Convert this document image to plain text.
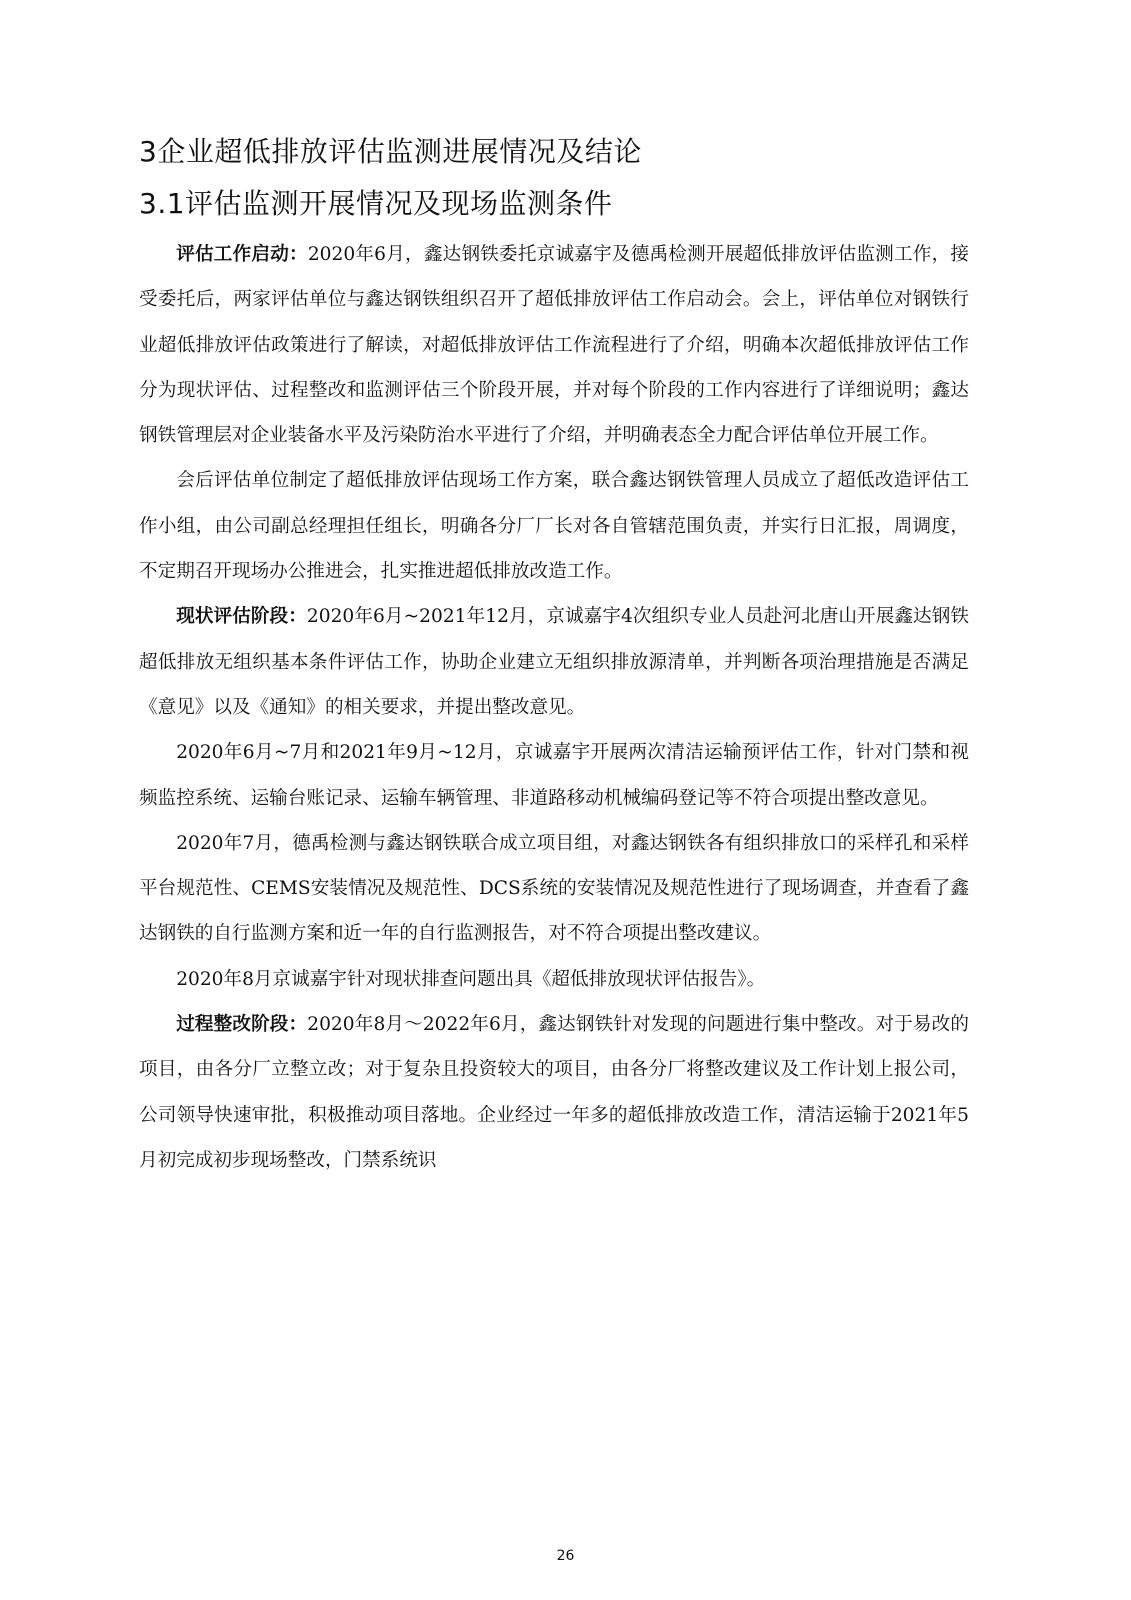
3企业超低排放评估监测进展情况及结论
3.1评估监测开展情况及现场监测条件

评估工作启动：2020年6月，鑫达钢铁委托京诚嘉宇及德禹检测开展超低排放评估监测工作，接受委托后，两家评估单位与鑫达钢铁组织召开了超低排放评估工作启动会。会上，评估单位对钢铁行业超低排放评估政策进行了解读，对超低排放评估工作流程进行了介绍，明确本次超低排放评估工作分为现状评估、过程整改和监测评估三个阶段开展，并对每个阶段的工作内容进行了详细说明；鑫达钢铁管理层对企业装备水平及污染防治水平进行了介绍，并明确表态全力配合评估单位开展工作。

会后评估单位制定了超低排放评估现场工作方案，联合鑫达钢铁管理人员成立了超低改造评估工作小组，由公司副总经理担任组长，明确各分厂厂长对各自管辖范围负责，并实行日汇报，周调度，不定期召开现场办公推进会，扎实推进超低排放改造工作。

现状评估阶段：2020年6月~2021年12月，京诚嘉宇4次组织专业人员赴河北唐山开展鑫达钢铁超低排放无组织基本条件评估工作，协助企业建立无组织排放源清单，并判断各项治理措施是否满足《意见》以及《通知》的相关要求，并提出整改意见。

2020年6月~7月和2021年9月~12月，京诚嘉宇开展两次清洁运输预评估工作，针对门禁和视频监控系统、运输台账记录、运输车辆管理、非道路移动机械编码登记等不符合项提出整改意见。

2020年7月，德禹检测与鑫达钢铁联合成立项目组，对鑫达钢铁各有组织排放口的采样孔和采样平台规范性、CEMS安装情况及规范性、DCS系统的安装情况及规范性进行了现场调查，并查看了鑫达钢铁的自行监测方案和近一年的自行监测报告，对不符合项提出整改建议。

2020年8月京诚嘉宇针对现状排查问题出具《超低排放现状评估报告》。

过程整改阶段：2020年8月～2022年6月，鑫达钢铁针对发现的问题进行集中整改。对于易改的项目，由各分厂立整立改；对于复杂且投资较大的项目，由各分厂将整改建议及工作计划上报公司，公司领导快速审批，积极推动项目落地。企业经过一年多的超低排放改造工作，清洁运输于2021年5月初完成初步现场整改，门禁系统识

26
